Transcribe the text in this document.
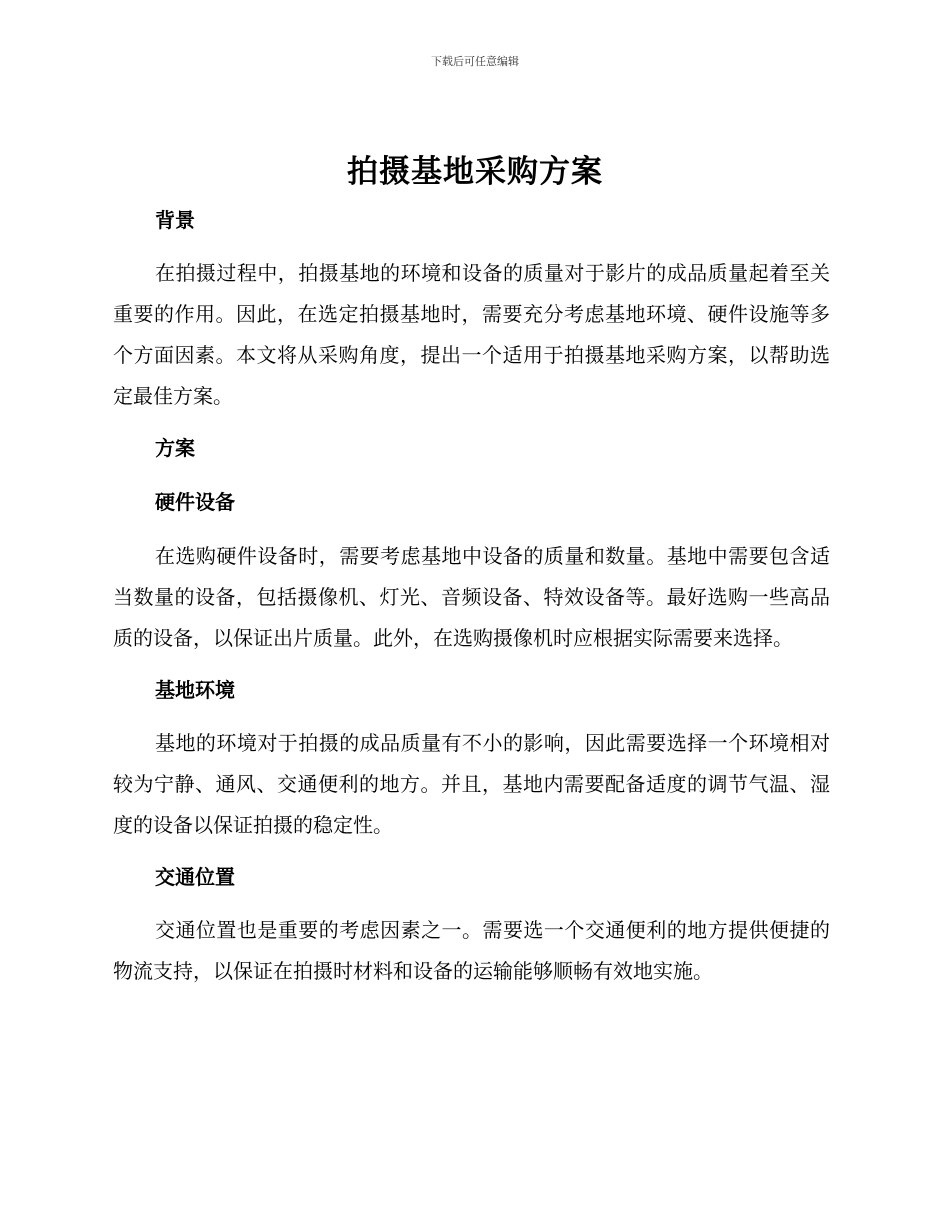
下载后可任意编辑
拍摄基地采购方案
背景

在拍摄过程中，拍摄基地的环境和设备的质量对于影片的成品质量起着至关重要的作用。因此，在选定拍摄基地时，需要充分考虑基地环境、硬件设施等多个方面因素。本文将从采购角度，提出一个适用于拍摄基地采购方案，以帮助选定最佳方案。

方案
硬件设备

在选购硬件设备时，需要考虑基地中设备的质量和数量。基地中需要包含适当数量的设备，包括摄像机、灯光、音频设备、特效设备等。最好选购一些高品质的设备，以保证出片质量。此外，在选购摄像机时应根据实际需要来选择。

基地环境

基地的环境对于拍摄的成品质量有不小的影响，因此需要选择一个环境相对较为宁静、通风、交通便利的地方。并且，基地内需要配备适度的调节气温、湿度的设备以保证拍摄的稳定性。

交通位置

交通位置也是重要的考虑因素之一。需要选一个交通便利的地方提供便捷的物流支持，以保证在拍摄时材料和设备的运输能够顺畅有效地实施。
